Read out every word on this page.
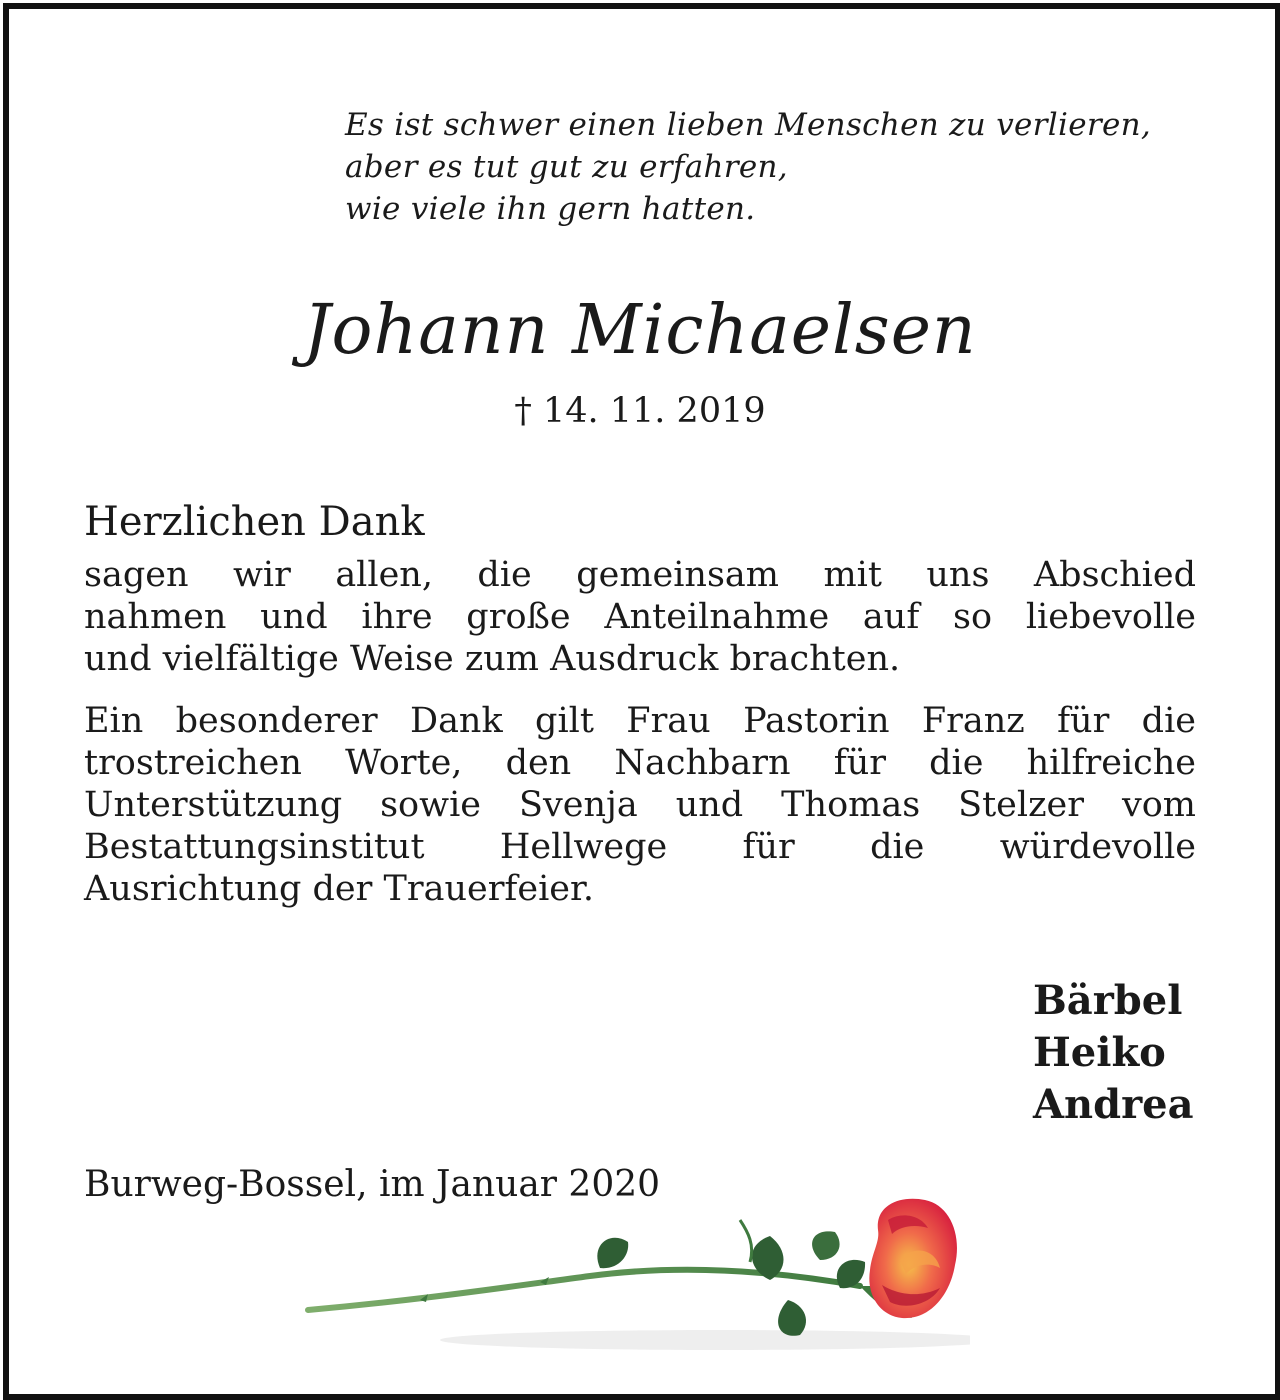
Es ist schwer einen lieben Menschen zu verlieren,
aber es tut gut zu erfahren,
wie viele ihn gern hatten.
Johann Michaelsen
† 14. 11. 2019
Herzlichen Dank
sagen wir allen, die gemeinsam mit uns Abschied
nahmen und ihre große Anteilnahme auf so liebevolle
und vielfältige Weise zum Ausdruck brachten.
Ein besonderer Dank gilt Frau Pastorin Franz für die
trostreichen Worte, den Nachbarn für die hilfreiche
Unterstützung sowie Svenja und Thomas Stelzer vom
Bestattungsinstitut Hellwege für die würdevolle
Ausrichtung der Trauerfeier.
Bärbel
Heiko
Andrea
Burweg-Bossel, im Januar 2020
